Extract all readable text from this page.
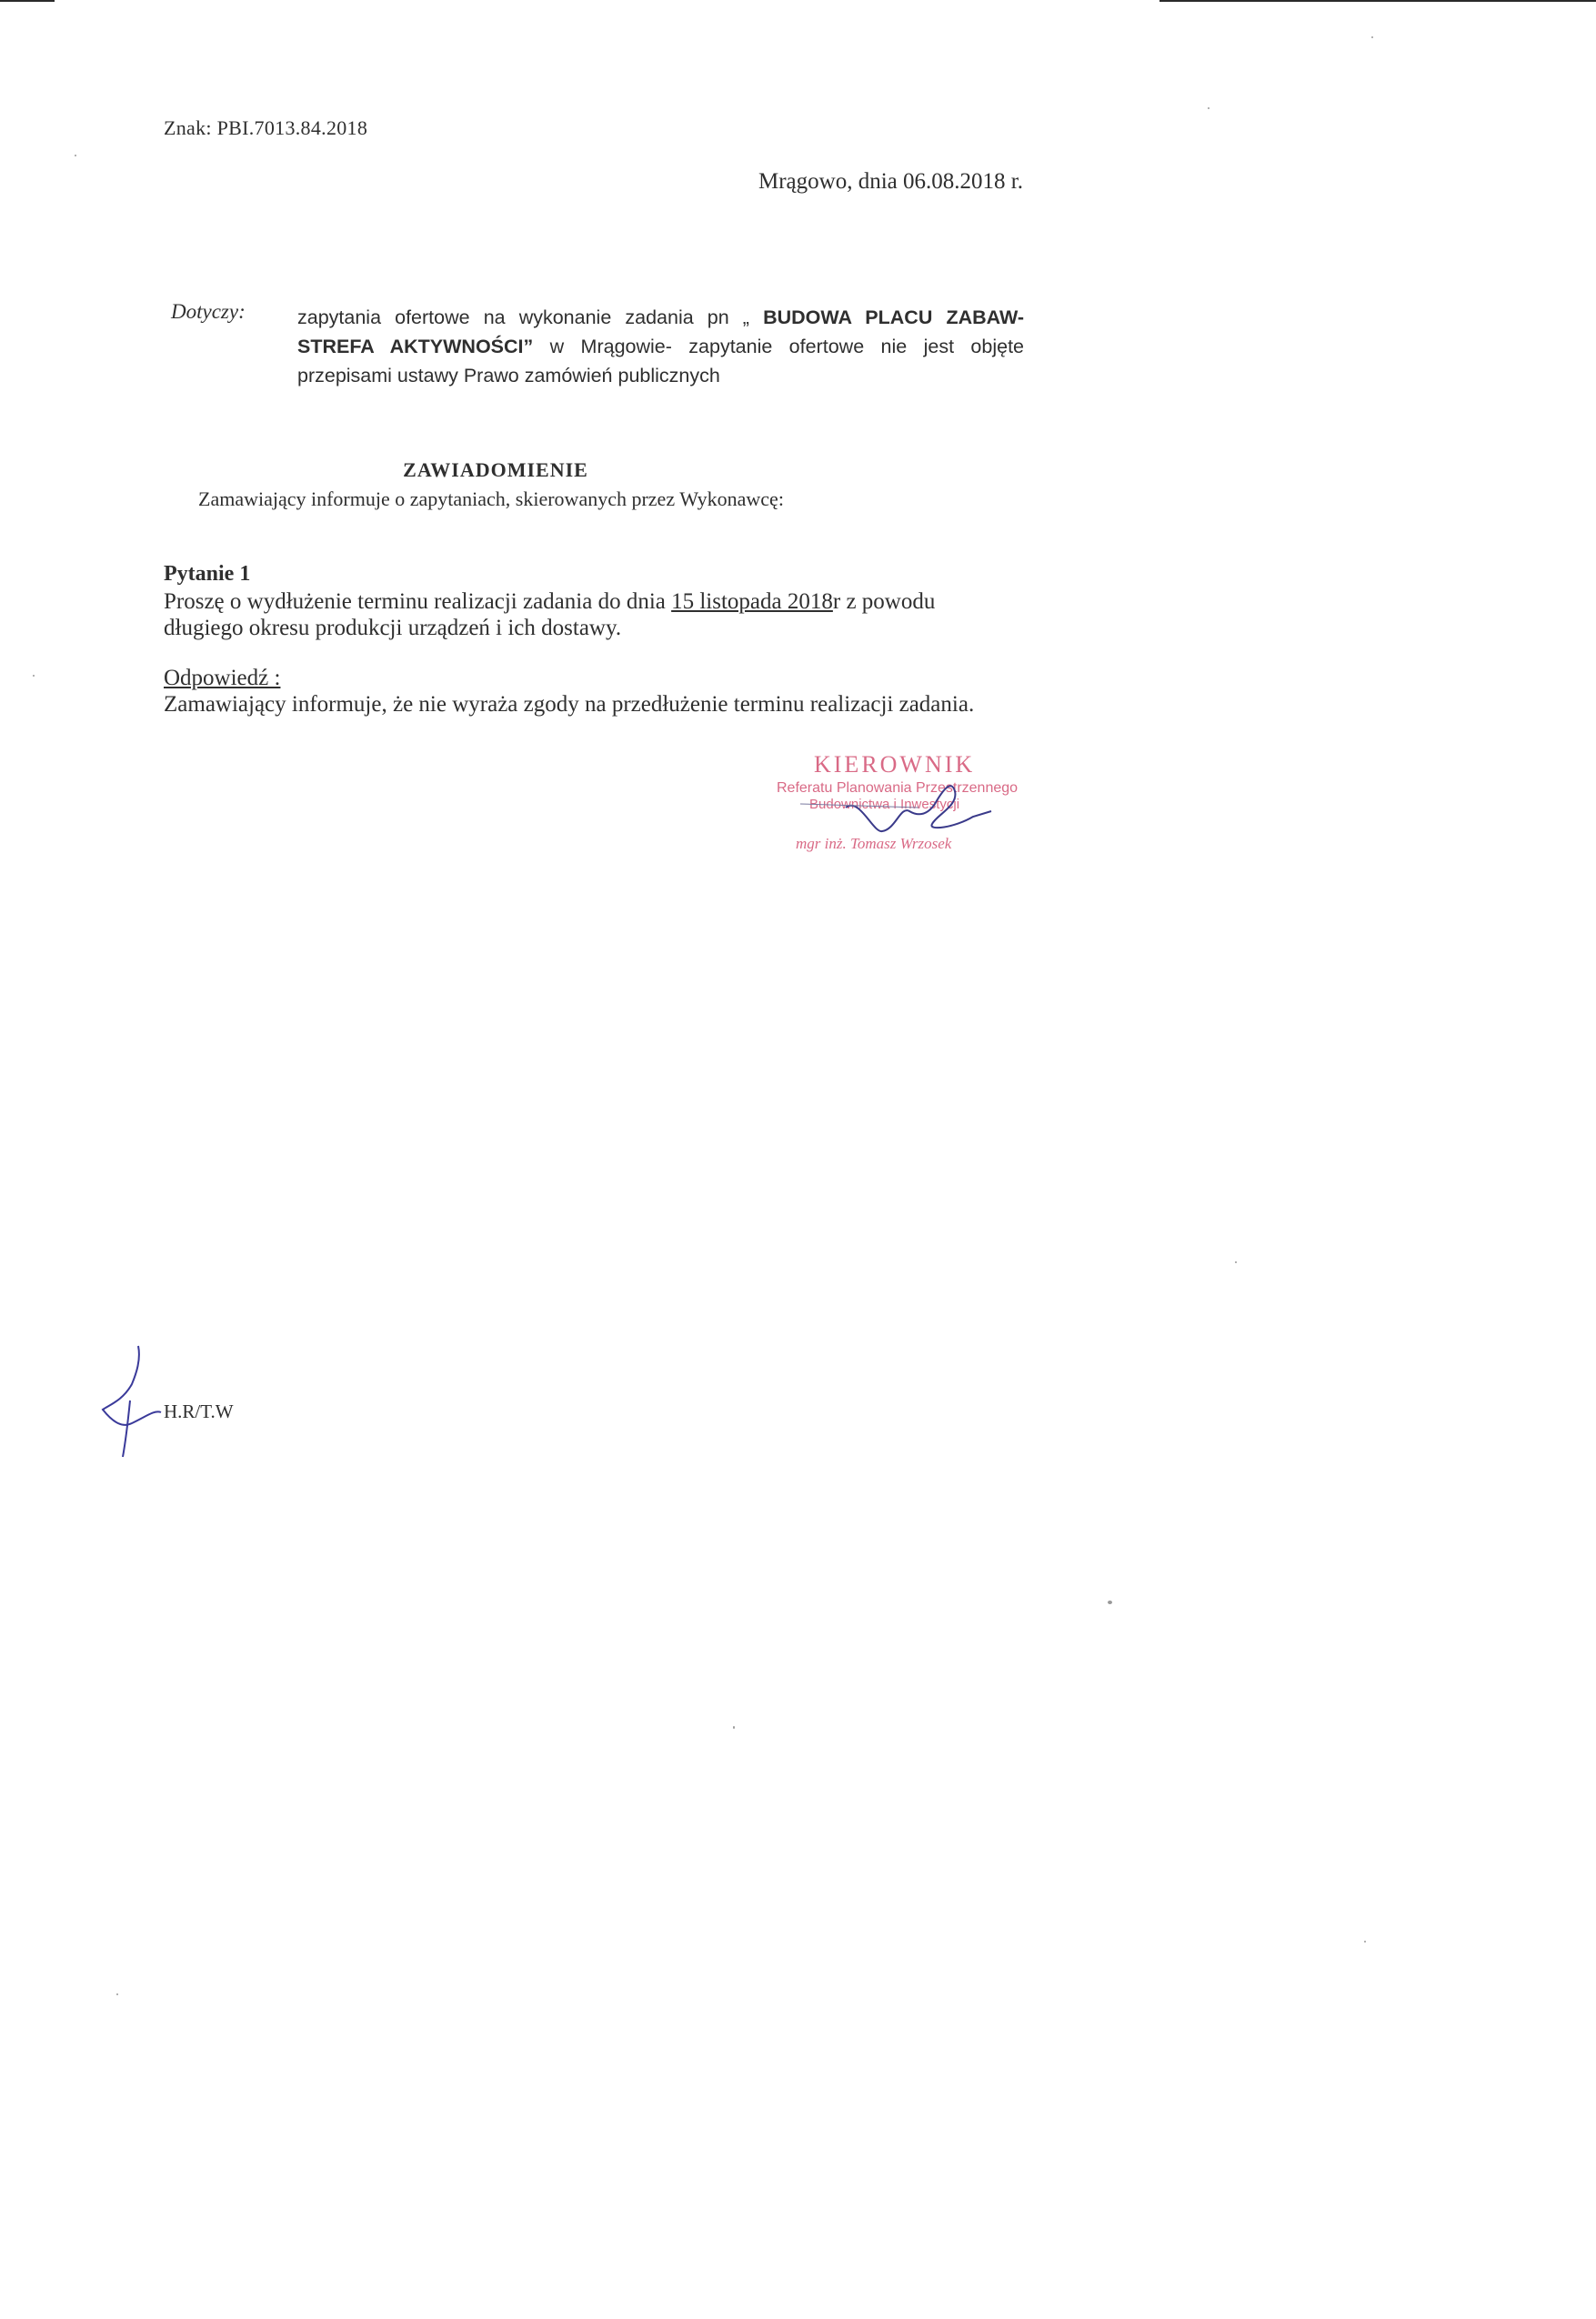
Znak: PBI.7013.84.2018
Mrągowo, dnia 06.08.2018 r.
Dotyczy:	zapytania ofertowe na wykonanie zadania pn „ BUDOWA PLACU ZABAW-
STREFA AKTYWNOŚCI” w Mrągowie- zapytanie ofertowe nie jest objęte
przepisami ustawy Prawo zamówień publicznych
ZAWIADOMIENIE
Zamawiający informuje o zapytaniach, skierowanych przez Wykonawcę:
Pytanie 1
Proszę o wydłużenie terminu realizacji zadania do dnia 15 listopada 2018r z powodu
długiego okresu produkcji urządzeń i ich dostawy.
Odpowiedź :
Zamawiający informuje, że nie wyraża zgody na przedłużenie terminu realizacji zadania.
KIEROWNIK
Referatu Planowania Przestrzennego
Budownictwa i Inwestycji
mgr inż. Tomasz Wrzosek
H.R/T.W
